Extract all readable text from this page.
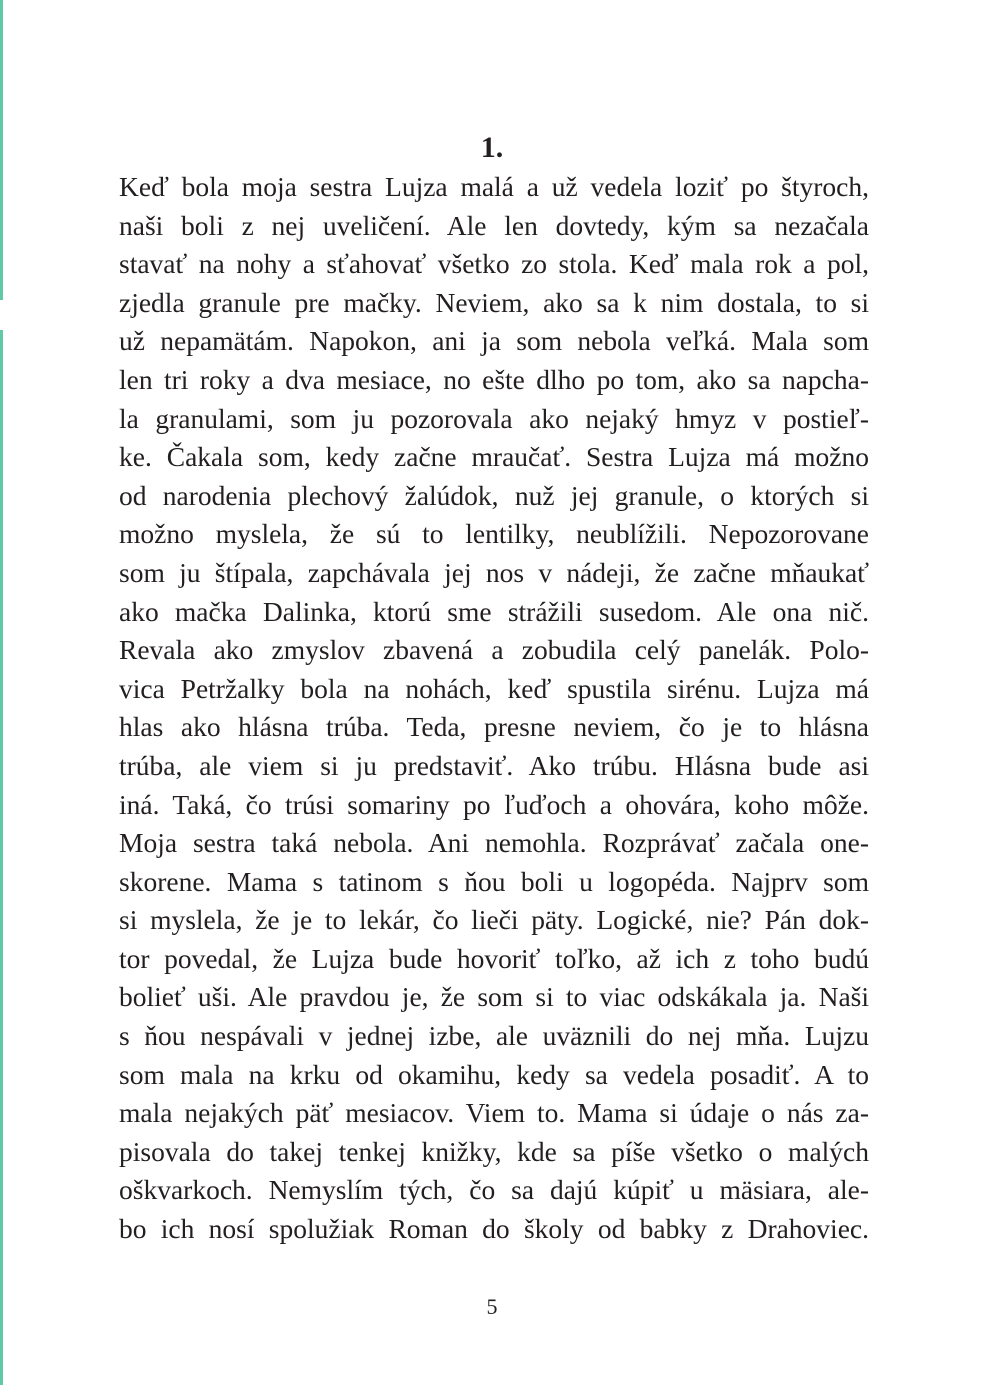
1.
Keď bola moja sestra Lujza malá a už vedela loziť po štyroch,
naši boli z nej uveličení. Ale len dovtedy, kým sa nezačala
stavať na nohy a sťahovať všetko zo stola. Keď mala rok a pol,
zjedla granule pre mačky. Neviem, ako sa k nim dostala, to si
už nepamätám. Napokon, ani ja som nebola veľká. Mala som
len tri roky a dva mesiace, no ešte dlho po tom, ako sa napcha-
la granulami, som ju pozorovala ako nejaký hmyz v postieľ-
ke. Čakala som, kedy začne mraučať. Sestra Lujza má možno
od narodenia plechový žalúdok, nuž jej granule, o ktorých si
možno myslela, že sú to lentilky, neublížili. Nepozorovane
som ju štípala, zapchávala jej nos v nádeji, že začne mňaukať
ako mačka Dalinka, ktorú sme strážili susedom. Ale ona nič.
Revala ako zmyslov zbavená a zobudila celý panelák. Polo-
vica Petržalky bola na nohách, keď spustila sirénu. Lujza má
hlas ako hlásna trúba. Teda, presne neviem, čo je to hlásna
trúba, ale viem si ju predstaviť. Ako trúbu. Hlásna bude asi
iná. Taká, čo trúsi somariny po ľuďoch a ohovára, koho môže.
Moja sestra taká nebola. Ani nemohla. Rozprávať začala one-
skorene. Mama s tatinom s ňou boli u logopéda. Najprv som
si myslela, že je to lekár, čo lieči päty. Logické, nie? Pán dok-
tor povedal, že Lujza bude hovoriť toľko, až ich z toho budú
bolieť uši. Ale pravdou je, že som si to viac odskákala ja. Naši
s ňou nespávali v jednej izbe, ale uväznili do nej mňa. Lujzu
som mala na krku od okamihu, kedy sa vedela posadiť. A to
mala nejakých päť mesiacov. Viem to. Mama si údaje o nás za-
pisovala do takej tenkej knižky, kde sa píše všetko o malých
oškvarkoch. Nemyslím tých, čo sa dajú kúpiť u mäsiara, ale-
bo ich nosí spolužiak Roman do školy od babky z Drahoviec.
5
